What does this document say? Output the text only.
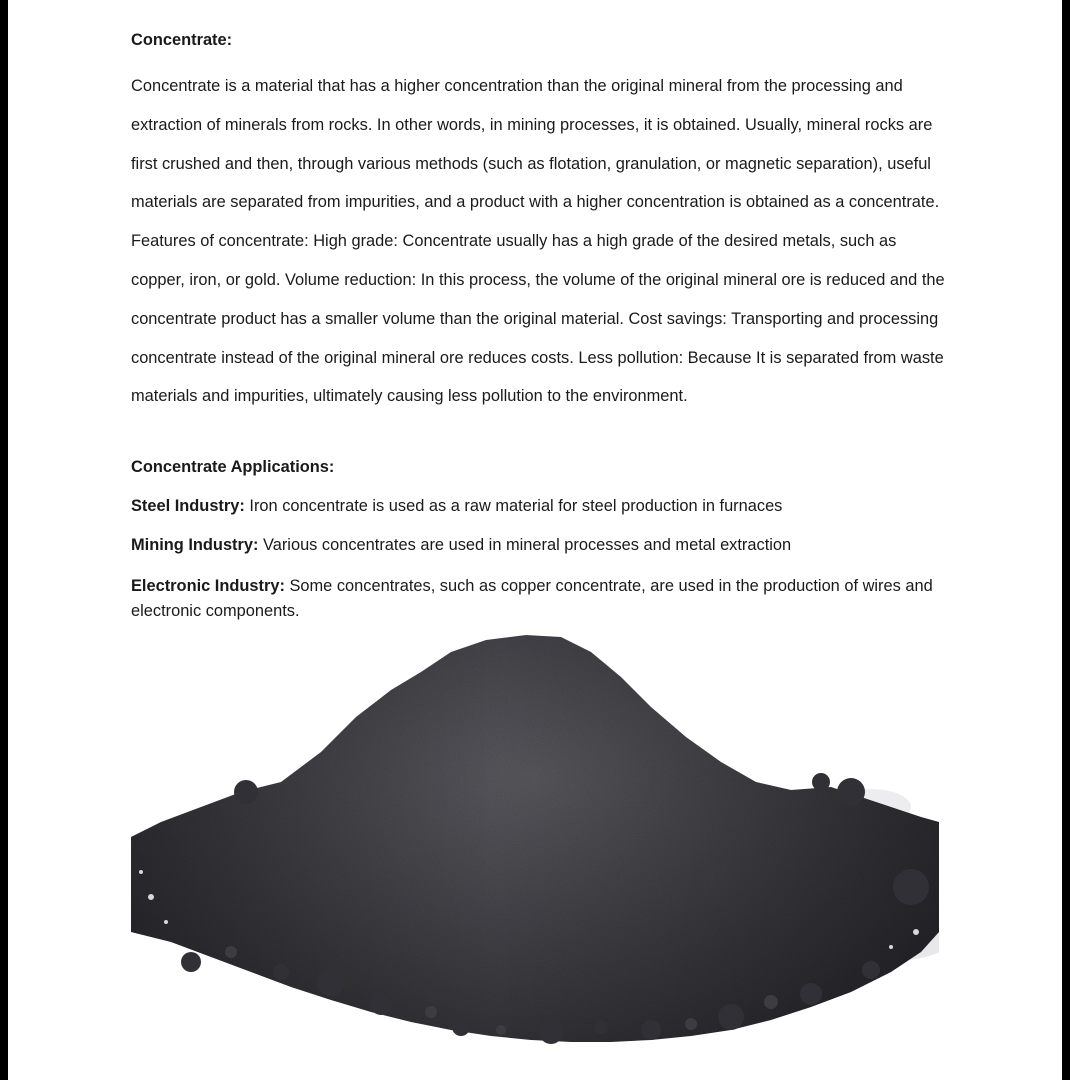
Concentrate:

Concentrate is a material that has a higher concentration than the original mineral from the processing and extraction of minerals from rocks. In other words, in mining processes, it is obtained. Usually, mineral rocks are first crushed and then, through various methods (such as flotation, granulation, or magnetic separation), useful materials are separated from impurities, and a product with a higher concentration is obtained as a concentrate. Features of concentrate: High grade: Concentrate usually has a high grade of the desired metals, such as copper, iron, or gold. Volume reduction: In this process, the volume of the original mineral ore is reduced and the concentrate product has a smaller volume than the original material. Cost savings: Transporting and processing concentrate instead of the original mineral ore reduces costs. Less pollution: Because It is separated from waste materials and impurities, ultimately causing less pollution to the environment.

Concentrate Applications:
Steel Industry: Iron concentrate is used as a raw material for steel production in furnaces
Mining Industry: Various concentrates are used in mineral processes and metal extraction
Electronic Industry: Some concentrates, such as copper concentrate, are used in the production of wires and electronic components.
